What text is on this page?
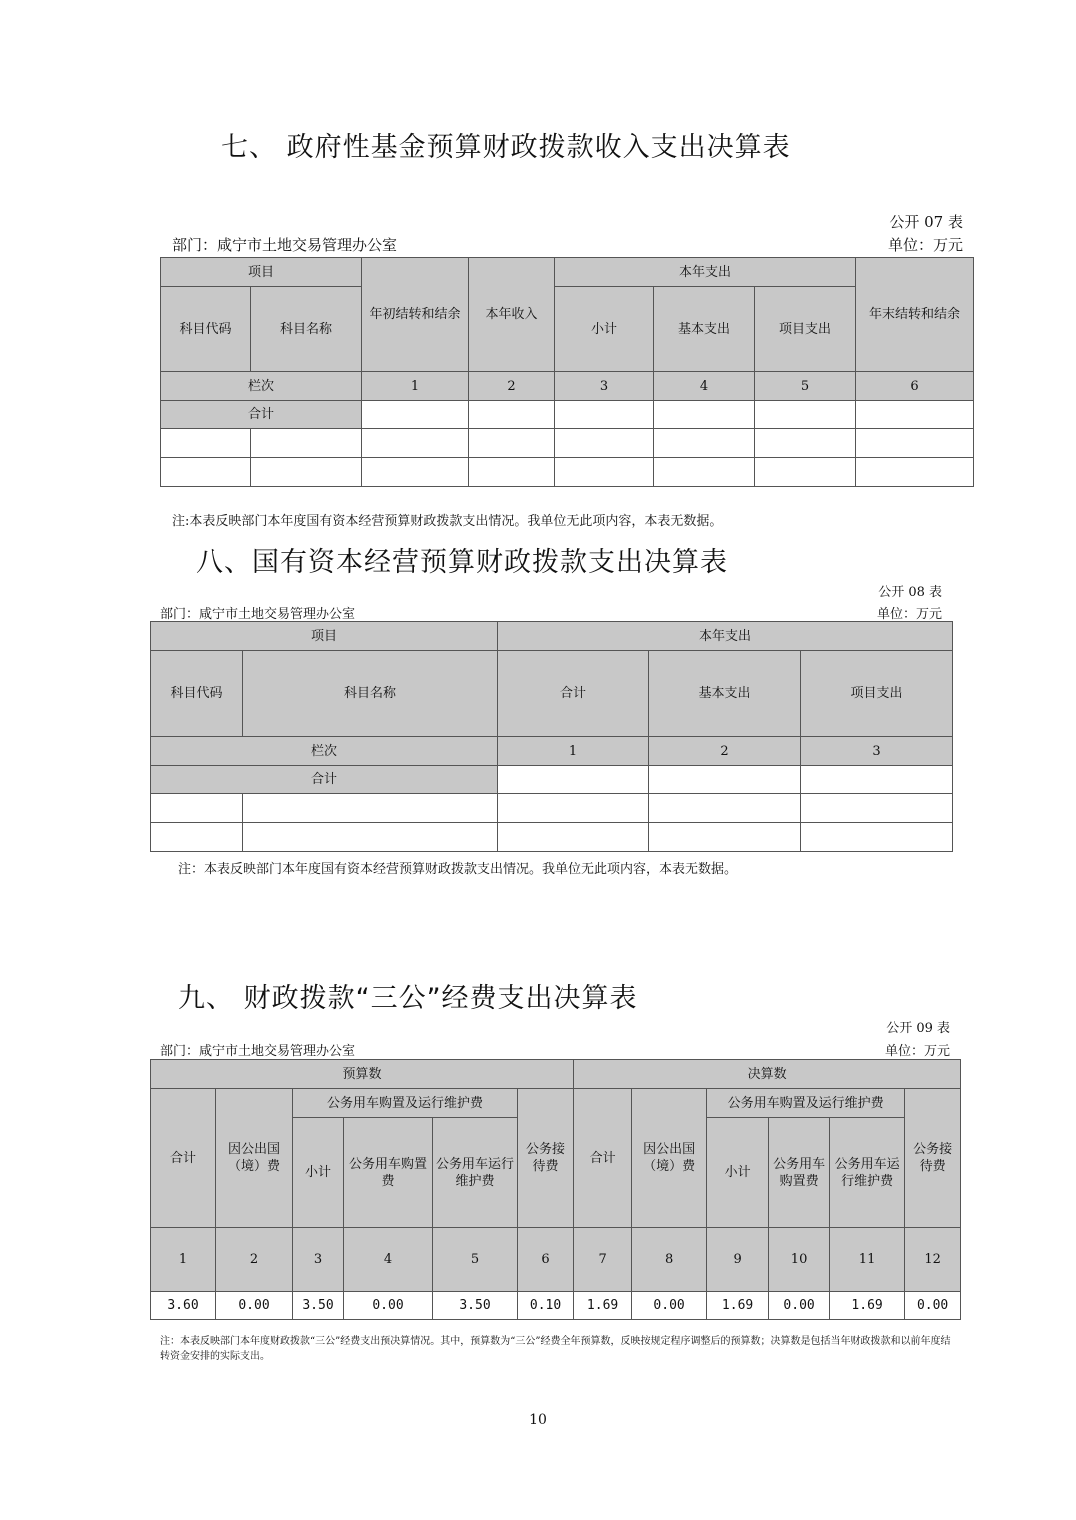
七、 政府性基金预算财政拨款收入支出决算表
公开 07 表
部门：咸宁市土地交易管理办公室	单位：万元
项目		年初结转和结余	本年收入	本年支出			年末结转和结余
科目代码	科目名称			小计	基本支出	项目支出	
栏次		1	2	3	4	5	6
合计							

注:本表反映部门本年度国有资本经营预算财政拨款支出情况。我单位无此项内容，本表无数据。
八、国有资本经营预算财政拨款支出决算表
公开 08 表
部门：咸宁市土地交易管理办公室	单位：万元
项目		本年支出		
科目代码	科目名称	合计	基本支出	项目支出
栏次		1	2	3
合计				

注：本表反映部门本年度国有资本经营预算财政拨款支出情况。我单位无此项内容，本表无数据。
九、 财政拨款“三公”经费支出决算表
公开 09 表
部门：咸宁市土地交易管理办公室	单位：万元
预算数						决算数					
合计	因公出国（境）费	公务用车购置及运行维护费			公务接待费	合计	因公出国（境）费	公务用车购置及运行维护费			公务接待费
		小计	公务用车购置费	公务用车运行维护费				小计	公务用车购置费	公务用车运行维护费	
1	2	3	4	5	6	7	8	9	10	11	12
3.60	0.00	3.50	0.00	3.50	0.10	1.69	0.00	1.69	0.00	1.69	0.00
注：本表反映部门本年度财政拨款“三公”经费支出预决算情况。其中，预算数为“三公”经费全年预算数，反映按规定程序调整后的预算数；决算数是包括当年财政拨款和以前年度结转资金安排的实际支出。
10
